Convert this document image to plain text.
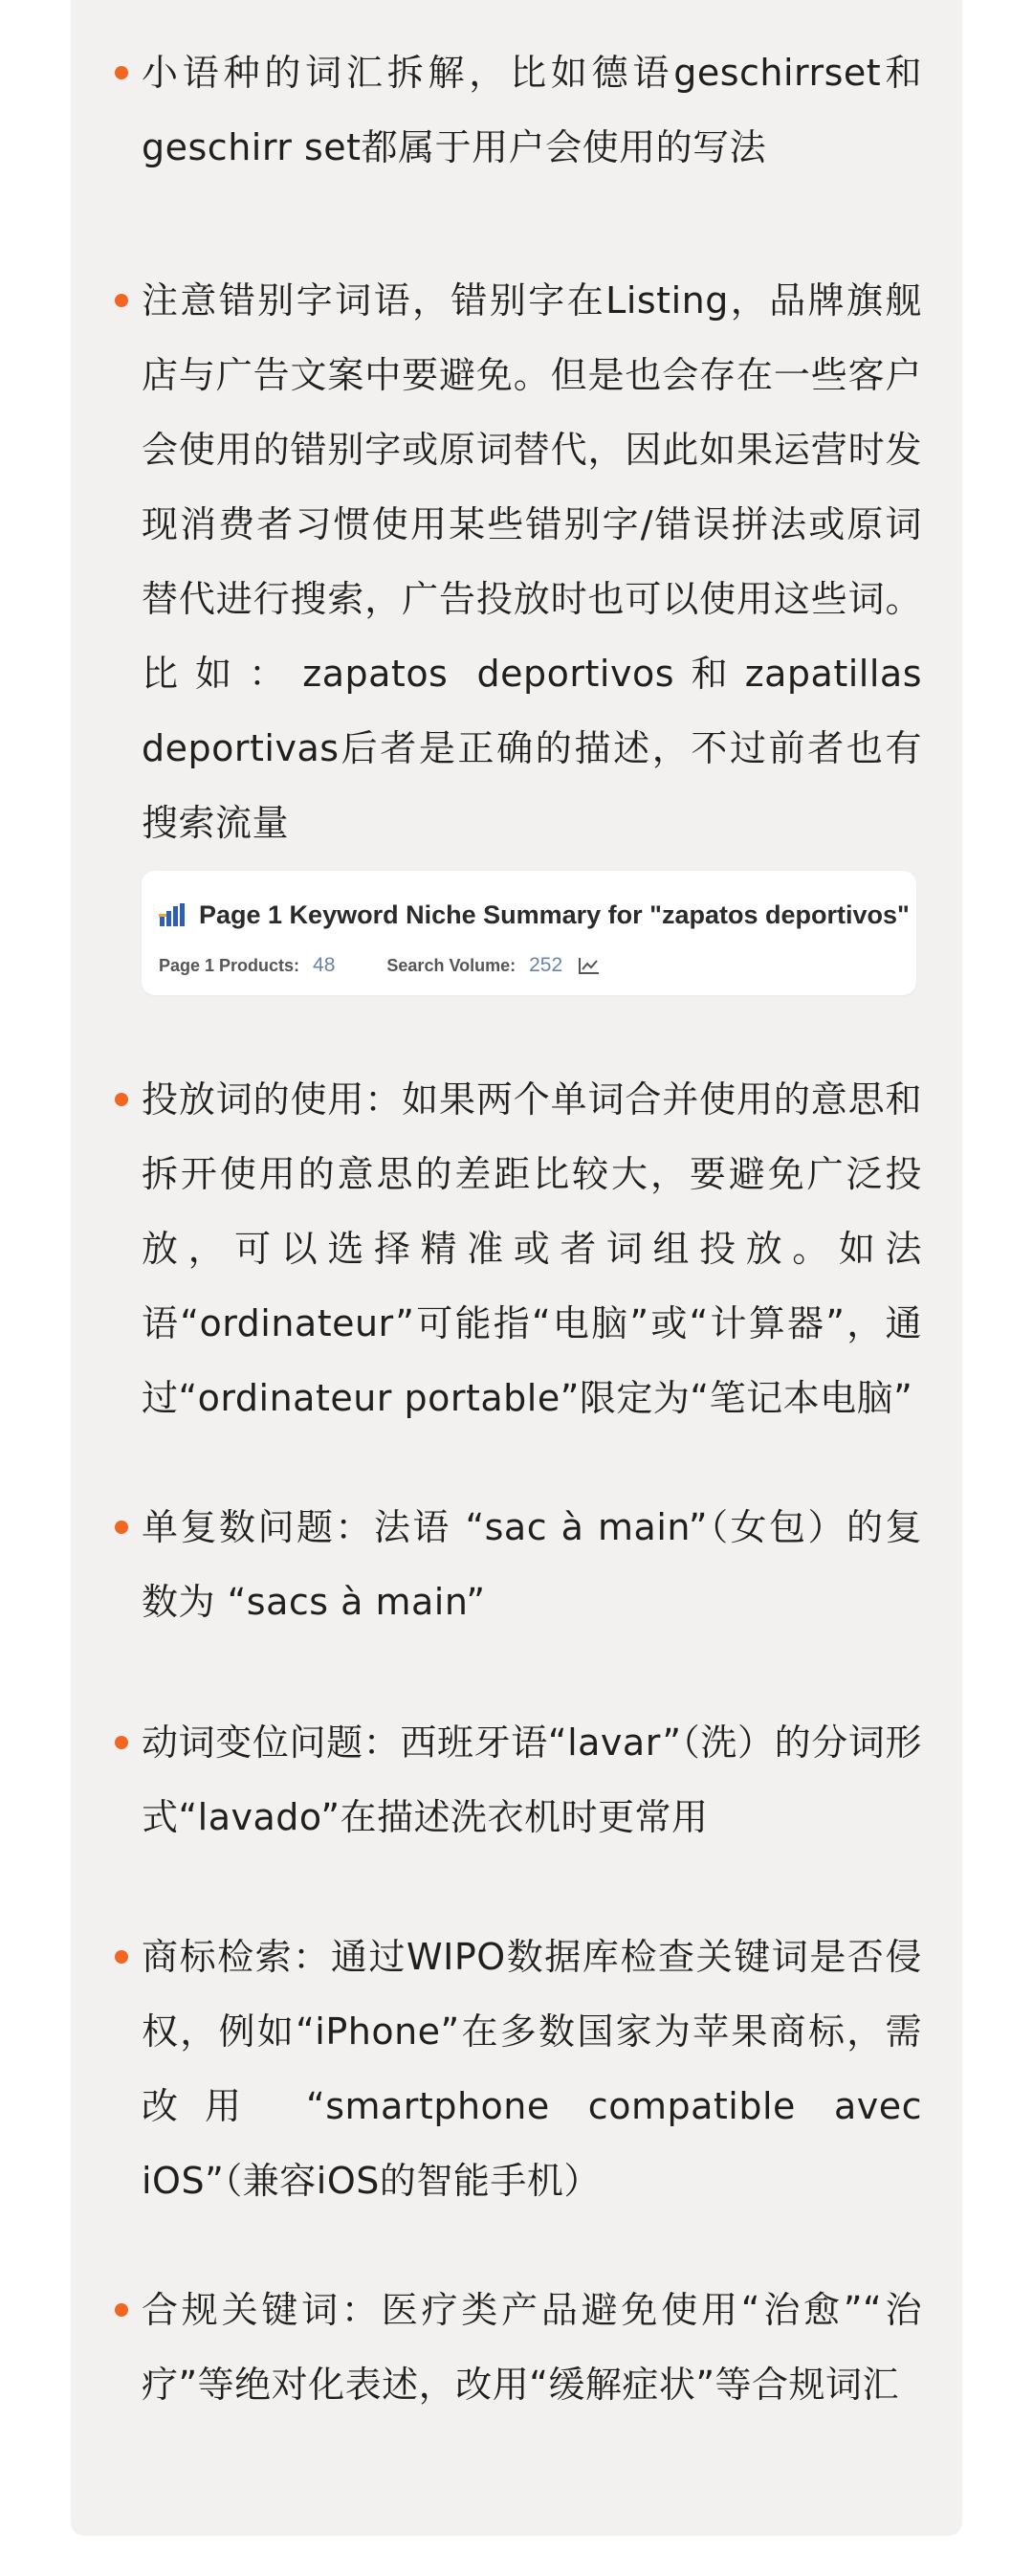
小语种的词汇拆解，比如德语geschirrset和geschirr set都属于用户会使用的写法
注意错别字词语，错别字在Listing，品牌旗舰店与广告文案中要避免。但是也会存在一些客户会使用的错别字或原词替代，因此如果运营时发现消费者习惯使用某些错别字/错误拼法或原词替代进行搜索，广告投放时也可以使用这些词。比如：zapatos deportivos和zapatillas deportivas后者是正确的描述，不过前者也有搜索流量
Page 1 Keyword Niche Summary for "zapatos deportivos"
Page 1 Products: 48	Search Volume: 252
投放词的使用：如果两个单词合并使用的意思和拆开使用的意思的差距比较大，要避免广泛投放，可以选择精准或者词组投放。如法语“ordinateur”可能指“电脑”或“计算器”，通过“ordinateur portable”限定为“笔记本电脑”
单复数问题：法语 “sac à main”（女包）的复数为 “sacs à main”
动词变位问题：西班牙语“lavar”（洗）的分词形式“lavado”在描述洗衣机时更常用
商标检索：通过WIPO数据库检查关键词是否侵权，例如“iPhone”在多数国家为苹果商标，需改用 “smartphone compatible avec iOS”（兼容iOS的智能手机）
合规关键词：医疗类产品避免使用“治愈”“治疗”等绝对化表述，改用“缓解症状”等合规词汇
